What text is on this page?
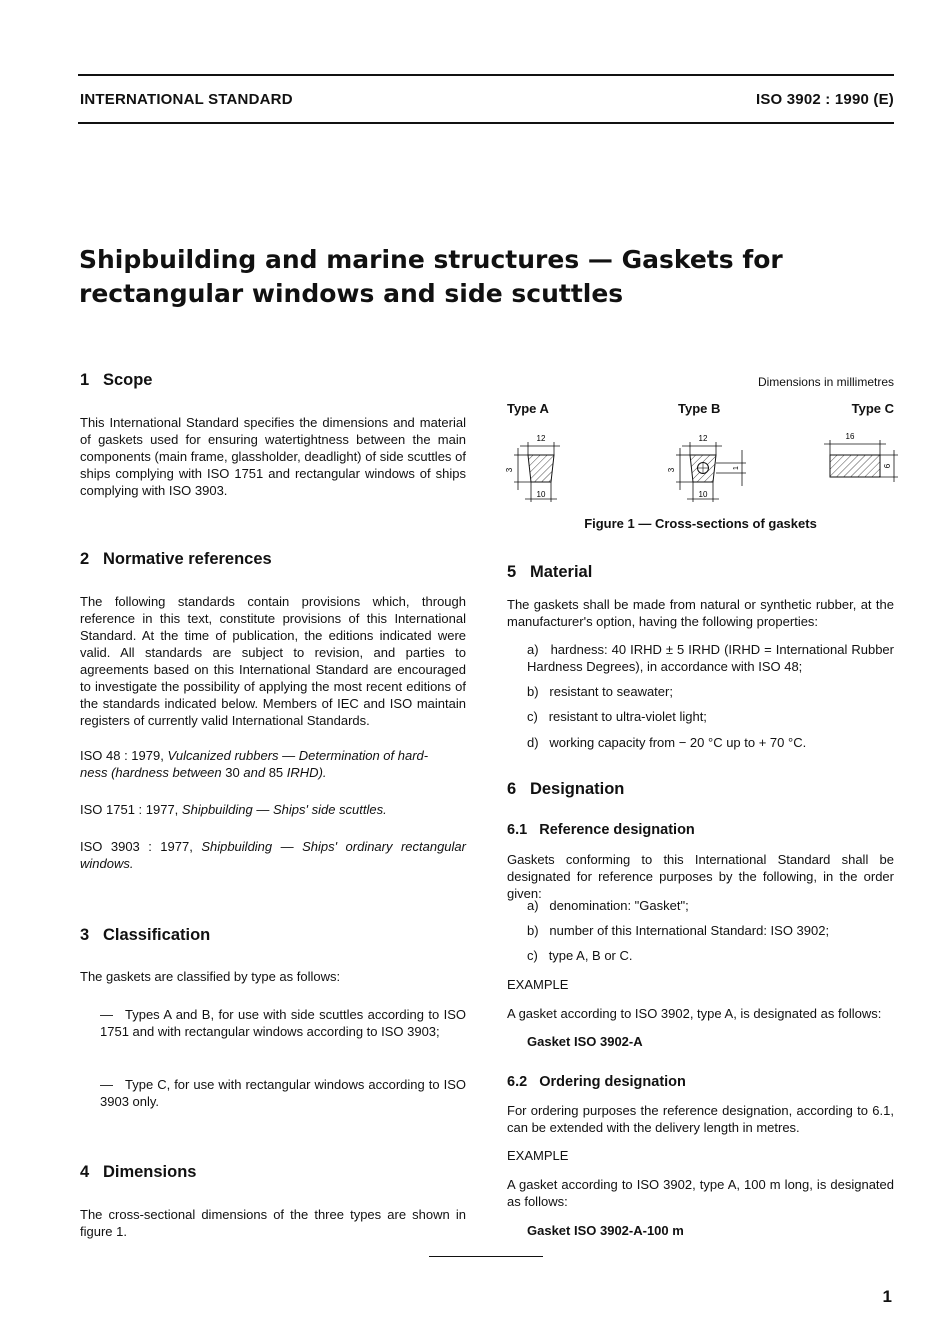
INTERNATIONAL STANDARD	ISO 3902 : 1990 (E)
Shipbuilding and marine structures — Gaskets for
rectangular windows and side scuttles
1 Scope
This International Standard specifies the dimensions and material of gaskets used for ensuring watertightness between the main components (main frame, glassholder, deadlight) of side scuttles of ships complying with ISO 1751 and rectangular windows of ships complying with ISO 3903.
2 Normative references
The following standards contain provisions which, through reference in this text, constitute provisions of this International Standard. At the time of publication, the editions indicated were valid. All standards are subject to revision, and parties to agreements based on this International Standard are encouraged to investigate the possibility of applying the most recent editions of the standards indicated below. Members of IEC and ISO maintain registers of currently valid International Standards.
ISO 48 : 1979, Vulcanized rubbers — Determination of hard-
ness (hardness between 30 and 85 IRHD).
ISO 1751 : 1977, Shipbuilding — Ships' side scuttles.
ISO 3903 : 1977, Shipbuilding — Ships' ordinary rectangular windows.
3 Classification
The gaskets are classified by type as follows:
— Types A and B, for use with side scuttles according to ISO 1751 and with rectangular windows according to ISO 3903;
— Type C, for use with rectangular windows according to ISO 3903 only.
4 Dimensions
The cross-sectional dimensions of the three types are shown in figure 1.
Dimensions in millimetres
Type A	Type B	Type C
12
10
3
12
10
3	1
16
6
Figure 1 — Cross-sections of gaskets
5 Material
The gaskets shall be made from natural or synthetic rubber, at the manufacturer's option, having the following properties:
a) hardness: 40 IRHD ± 5 IRHD (IRHD = International Rubber Hardness Degrees), in accordance with ISO 48;
b) resistant to seawater;
c) resistant to ultra-violet light;
d) working capacity from − 20 °C up to + 70 °C.
6 Designation
6.1 Reference designation
Gaskets conforming to this International Standard shall be designated for reference purposes by the following, in the order given:
a) denomination: "Gasket";
b) number of this International Standard: ISO 3902;
c) type A, B or C.
EXAMPLE
A gasket according to ISO 3902, type A, is designated as follows:
Gasket ISO 3902-A
6.2 Ordering designation
For ordering purposes the reference designation, according to 6.1, can be extended with the delivery length in metres.
EXAMPLE
A gasket according to ISO 3902, type A, 100 m long, is designated as follows:
Gasket ISO 3902-A-100 m
1
